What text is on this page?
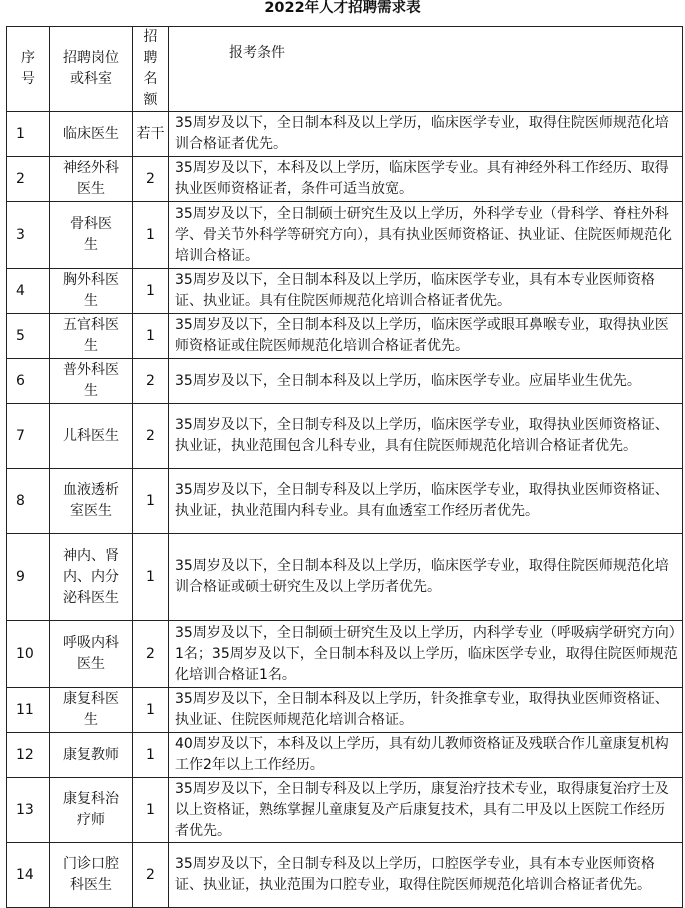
2022年人才招聘需求表
序号	招聘岗位或科室	招聘名额	报考条件
1	临床医生	若干	35周岁及以下，全日制本科及以上学历，临床医学专业，取得住院医师规范化培训合格证者优先。
2	神经外科医生	2	35周岁及以下，本科及以上学历，临床医学专业。具有神经外科工作经历、取得执业医师资格证者，条件可适当放宽。
3	骨科医生	1	35周岁及以下，全日制硕士研究生及以上学历，外科学专业（骨科学、脊柱外科学、骨关节外科学等研究方向），具有执业医师资格证、执业证、住院医师规范化培训合格证。
4	胸外科医生	1	35周岁及以下，全日制本科及以上学历，临床医学专业，具有本专业医师资格证、执业证。具有住院医师规范化培训合格证者优先。
5	五官科医生	1	35周岁及以下，全日制本科及以上学历，临床医学或眼耳鼻喉专业，取得执业医师资格证或住院医师规范化培训合格证者优先。
6	普外科医生	2	35周岁及以下，全日制本科及以上学历，临床医学专业。应届毕业生优先。
7	儿科医生	2	35周岁及以下，全日制专科及以上学历，临床医学专业，取得执业医师资格证、执业证，执业范围包含儿科专业，具有住院医师规范化培训合格证者优先。
8	血液透析室医生	1	35周岁及以下，全日制专科及以上学历，临床医学专业，取得执业医师资格证、执业证，执业范围内科专业。具有血透室工作经历者优先。
9	神内、肾内、内分泌科医生	1	35周岁及以下，全日制本科及以上学历，临床医学专业，取得住院医师规范化培训合格证或硕士研究生及以上学历者优先。
10	呼吸内科医生	2	35周岁及以下，全日制硕士研究生及以上学历，内科学专业（呼吸病学研究方向）1名；35周岁及以下，全日制本科及以上学历，临床医学专业，取得住院医师规范化培训合格证1名。
11	康复科医生	1	35周岁及以下，全日制本科及以上学历，针灸推拿专业，取得执业医师资格证、执业证、住院医师规范化培训合格证。
12	康复教师	1	40周岁及以下，本科及以上学历，具有幼儿教师资格证及残联合作儿童康复机构工作2年以上工作经历。
13	康复科治疗师	1	35周岁及以下，全日制专科及以上学历，康复治疗技术专业，取得康复治疗士及以上资格证，熟练掌握儿童康复及产后康复技术，具有二甲及以上医院工作经历者优先。
14	门诊口腔科医生	2	35周岁及以下，全日制专科及以上学历，口腔医学专业，具有本专业医师资格证、执业证，执业范围为口腔专业，取得住院医师规范化培训合格证者优先。
